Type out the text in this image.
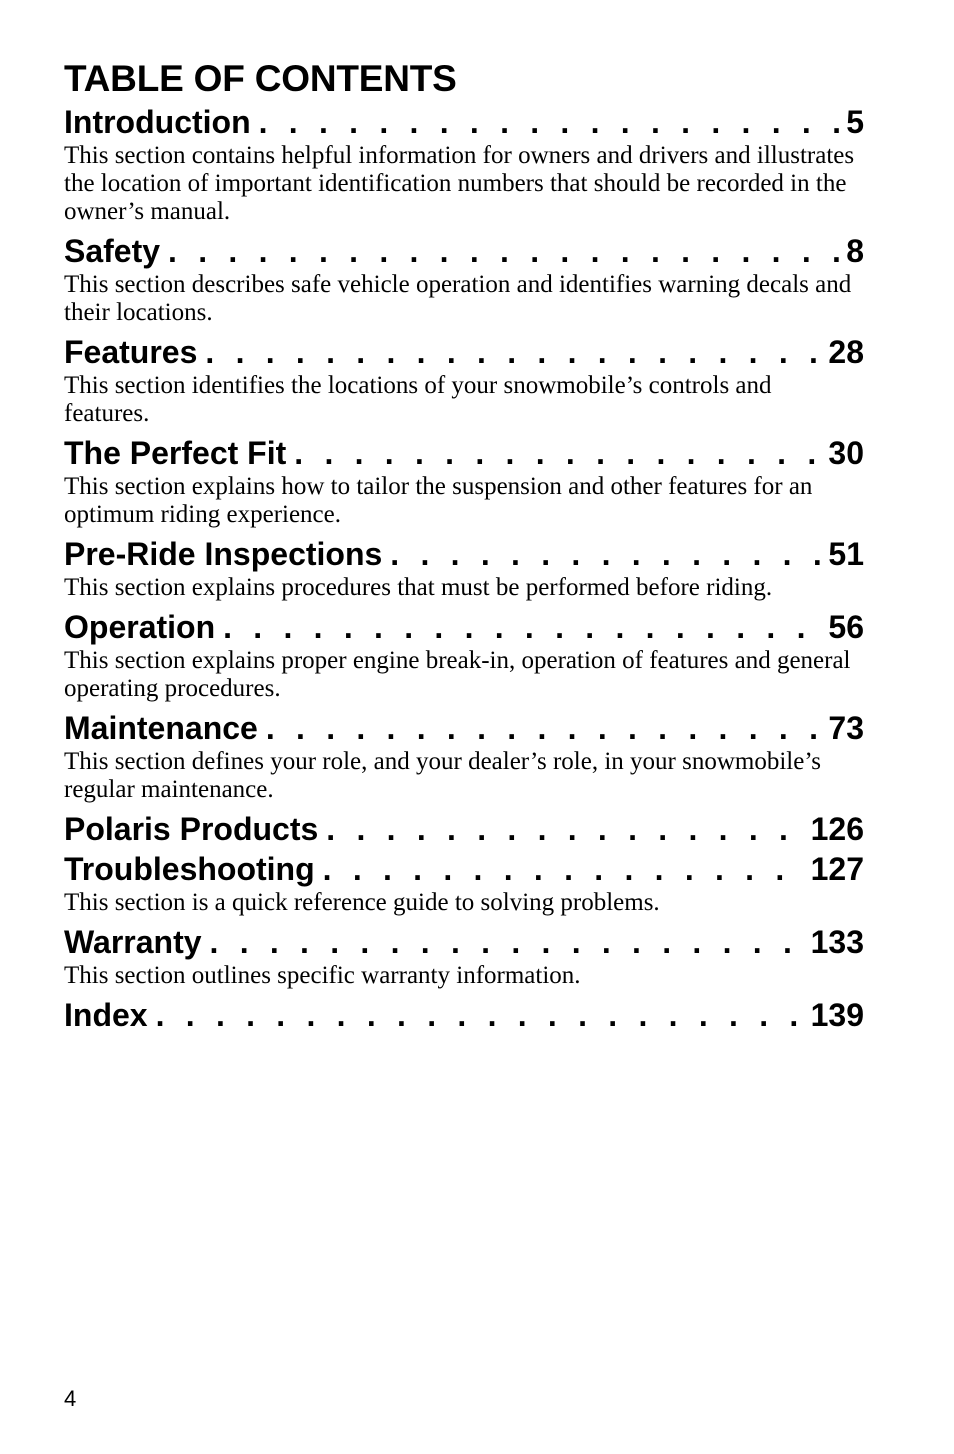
TABLE OF CONTENTS
Introduction . . .	5

This section contains helpful information for owners and drivers and illustrates the location of important identification numbers that should be recorded in the owner’s manual.

Safety . . .	8

This section describes safe vehicle operation and identifies warning decals and their locations.

Features . . .	28

This section identifies the locations of your snowmobile’s controls and features.

The Perfect Fit . . .	30

This section explains how to tailor the suspension and other features for an optimum riding experience.

Pre-Ride Inspections . . .	51

This section explains procedures that must be performed before riding.

Operation . . .	56

This section explains proper engine break-in, operation of features and general operating procedures.

Maintenance . . .	73

This section defines your role, and your dealer’s role, in your snowmobile’s regular maintenance.

Polaris Products . . .	126
Troubleshooting . . .	127

This section is a quick reference guide to solving problems.

Warranty . . .	133

This section outlines specific warranty information.

Index . . .	139
4
